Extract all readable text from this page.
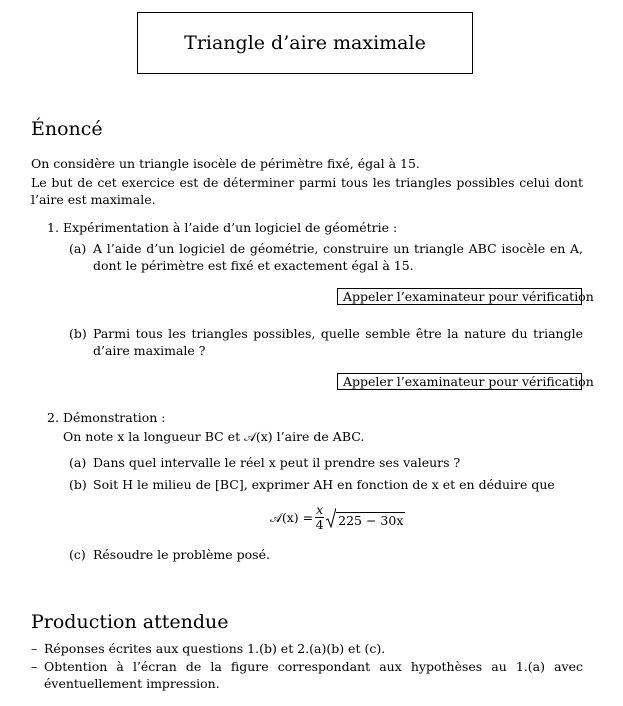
Triangle d’aire maximale
Énoncé
On considère un triangle isocèle de périmètre fixé, égal à 15.
Le but de cet exercice est de déterminer parmi tous les triangles possibles celui dont l’aire est maximale.
1. Expérimentation à l’aide d’un logiciel de géométrie :
(a) A l’aide d’un logiciel de géométrie, construire un triangle ABC isocèle en A, dont le périmètre est fixé et exactement égal à 15.
Appeler l’examinateur pour vérification
(b) Parmi tous les triangles possibles, quelle semble être la nature du triangle d’aire maximale ?
Appeler l’examinateur pour vérification
2. Démonstration :
On note x la longueur BC et 𝒜(x) l’aire de ABC.
(a) Dans quel intervalle le réel x peut il prendre ses valeurs ?
(b) Soit H le milieu de [BC], exprimer AH en fonction de x et en déduire que
𝒜(x) = $\frac{x}{4} 225 - 30x$
(c) Résoudre le problème posé.
Production attendue
– Réponses écrites aux questions 1.(b) et 2.(a)(b) et (c).
– Obtention à l’écran de la figure correspondant aux hypothèses au 1.(a) avec éventuellement impression.
